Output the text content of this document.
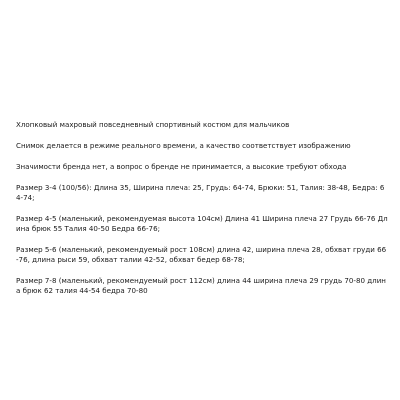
Хлопковый махровый повседневный спортивный костюм для мальчиков

Снимок делается в режиме реального времени, а качество соответствует изображению

Значимости бренда нет, а вопрос о бренде не принимается, а высокие требуют обхода

Размер 3-4 (100/56): Длина 35, Ширина плеча: 25, Грудь: 64-74, Брюки: 51, Талия: 38-48, Бедра: 64-74;

Размер 4-5 (маленький, рекомендуемая высота 104см) Длина 41 Ширина плеча 27 Грудь 66-76 Длина брюк 55 Талия 40-50 Бедра 66-76;

Размер 5-6 (маленький, рекомендуемый рост 108см) длина 42, ширина плеча 28, обхват груди 66-76, длина рыси 59, обхват талии 42-52, обхват бедер 68-78;

Размер 7-8 (маленький, рекомендуемый рост 112см) длина 44 ширина плеча 29 грудь 70-80 длина брюк 62 талия 44-54 бедра 70-80
